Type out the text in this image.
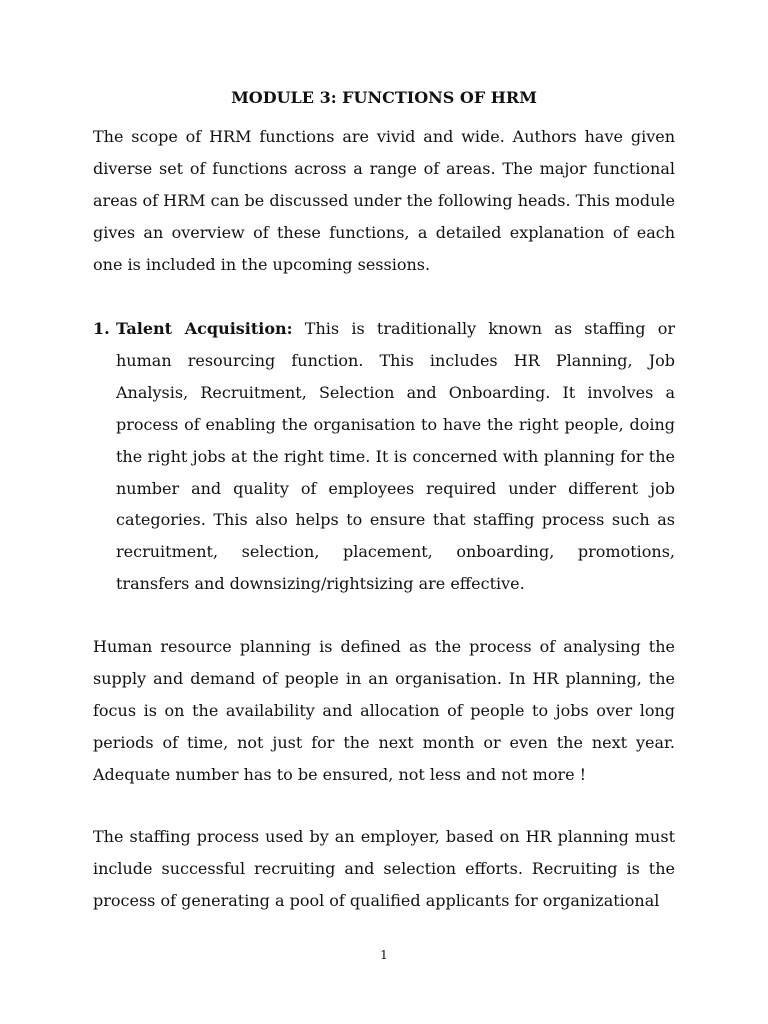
MODULE 3: FUNCTIONS OF HRM

The scope of HRM functions are vivid and wide. Authors have given diverse set of functions across a range of areas. The major functional areas of HRM can be discussed under the following heads. This module gives an overview of these functions, a detailed explanation of each one is included in the upcoming sessions.

1. Talent Acquisition: This is traditionally known as staffing or human resourcing function. This includes HR Planning, Job Analysis, Recruitment, Selection and Onboarding. It involves a process of enabling the organisation to have the right people, doing the right jobs at the right time. It is concerned with planning for the number and quality of employees required under different job categories. This also helps to ensure that staffing process such as recruitment, selection, placement, onboarding, promotions, transfers and downsizing/rightsizing are effective.

Human resource planning is defined as the process of analysing the supply and demand of people in an organisation. In HR planning, the focus is on the availability and allocation of people to jobs over long periods of time, not just for the next month or even the next year. Adequate number has to be ensured, not less and not more !

The staffing process used by an employer, based on HR planning must include successful recruiting and selection efforts. Recruiting is the process of generating a pool of qualified applicants for organizational

1
